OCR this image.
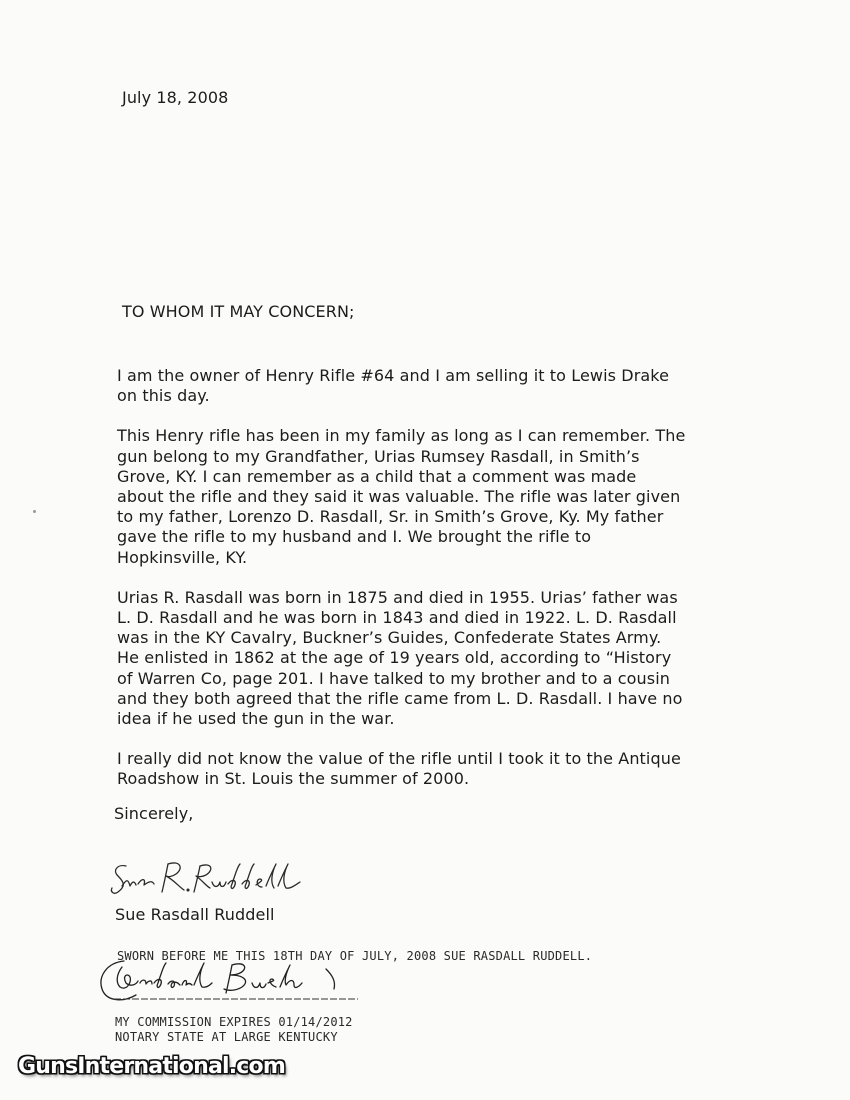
July 18, 2008
TO WHOM IT MAY CONCERN;

I am the owner of Henry Rifle #64 and I am selling it to Lewis Drake
on this day.

This Henry rifle has been in my family as long as I can remember. The
gun belong to my Grandfather, Urias Rumsey Rasdall, in Smith’s
Grove, KY. I can remember as a child that a comment was made
about the rifle and they said it was valuable. The rifle was later given
to my father, Lorenzo D. Rasdall, Sr. in Smith’s Grove, Ky. My father
gave the rifle to my husband and I. We brought the rifle to
Hopkinsville, KY.

Urias R. Rasdall was born in 1875 and died in 1955. Urias’ father was
L. D. Rasdall and he was born in 1843 and died in 1922. L. D. Rasdall
was in the KY Cavalry, Buckner’s Guides, Confederate States Army.
He enlisted in 1862 at the age of 19 years old, according to “History
of Warren Co, page 201. I have talked to my brother and to a cousin
and they both agreed that the rifle came from L. D. Rasdall. I have no
idea if he used the gun in the war.

I really did not know the value of the rifle until I took it to the Antique
Roadshow in St. Louis the summer of 2000.

Sincerely,
Sue Rasdall Ruddell
SWORN BEFORE ME THIS 18TH DAY OF JULY, 2008 SUE RASDALL RUDDELL.
MY COMMISSION EXPIRES 01/14/2012
NOTARY STATE AT LARGE KENTUCKY
GunsInternational.com
